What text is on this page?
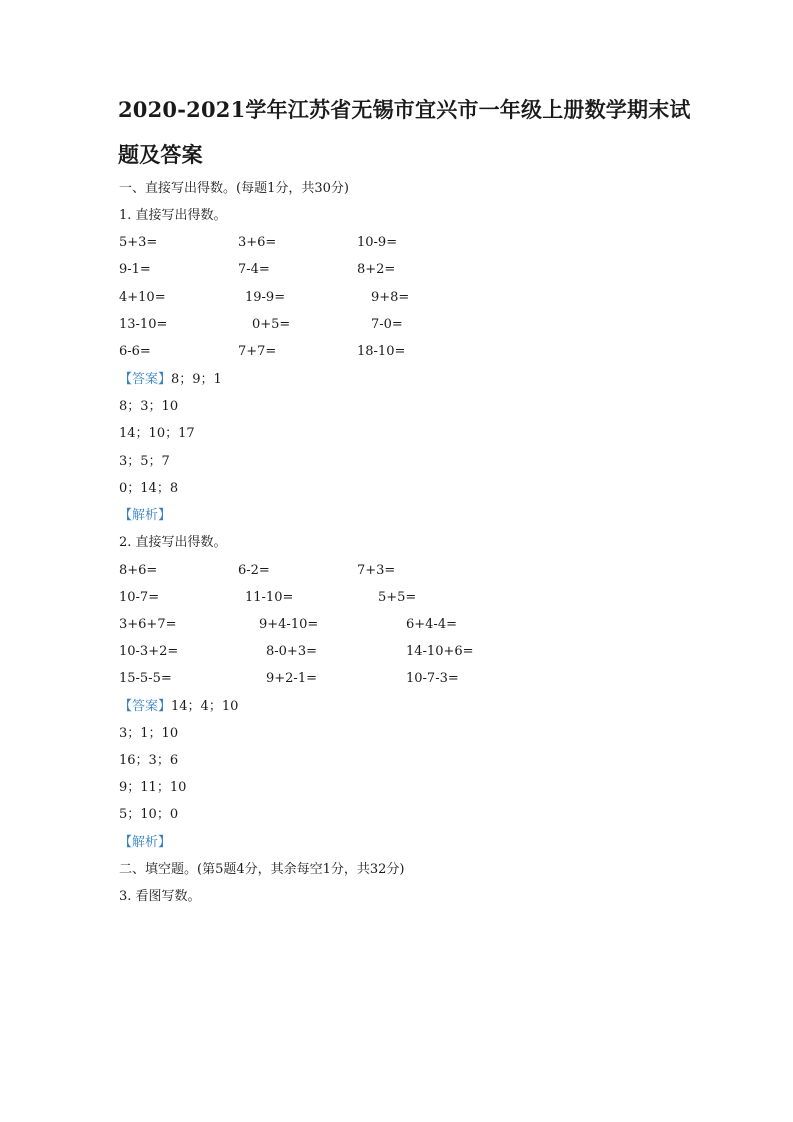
2020-2021学年江苏省无锡市宜兴市一年级上册数学期末试
题及答案
一、直接写出得数。(每题1分，共30分)
1. 直接写出得数。
5+3=	3+6=	10-9=
9-1=	7-4=	8+2=
4+10=	19-9=	9+8=
13-10=	0+5=	7-0=
6-6=	7+7=	18-10=
【答案】8；9；1
8；3；10
14；10；17
3；5；7
0；14；8
【解析】
2. 直接写出得数。
8+6=	6-2=	7+3=
10-7=	11-10=	5+5=
3+6+7=	9+4-10=	6+4-4=
10-3+2=	8-0+3=	14-10+6=
15-5-5=	9+2-1=	10-7-3=
【答案】14；4；10
3；1；10
16；3；6
9；11；10
5；10；0
【解析】
二、填空题。(第5题4分，其余每空1分，共32分)
3. 看图写数。
